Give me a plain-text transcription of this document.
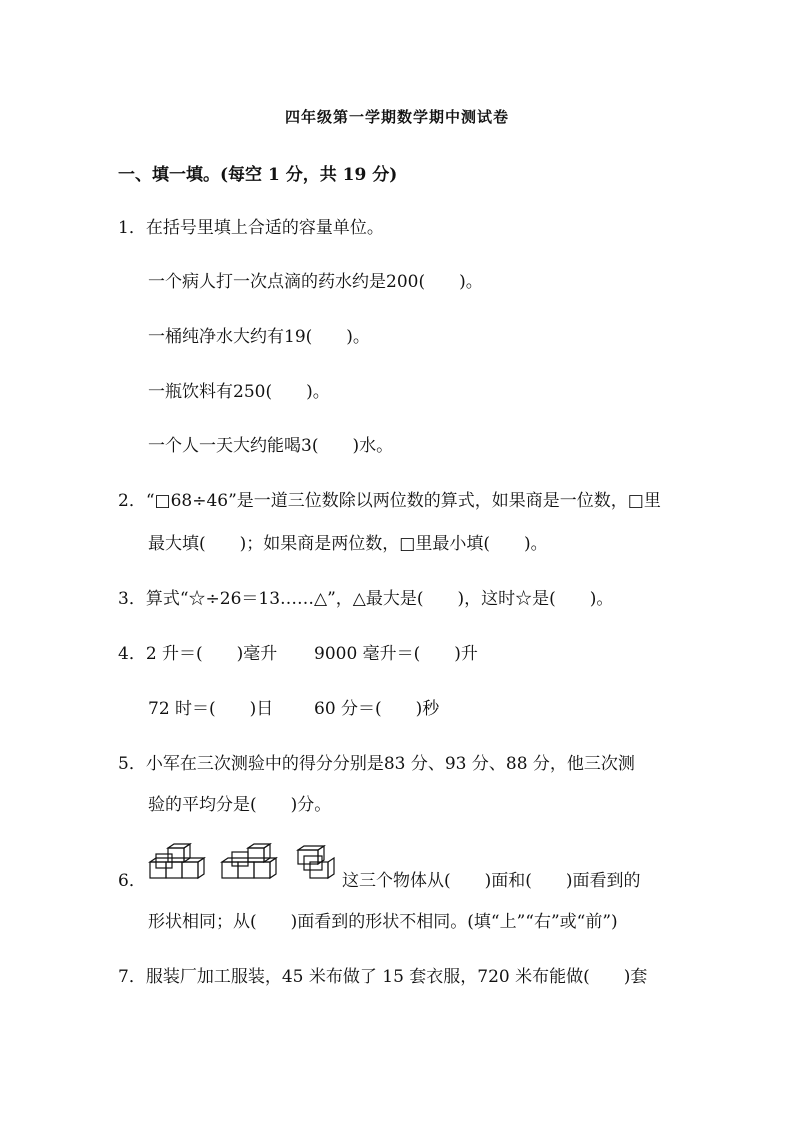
四年级第一学期数学期中测试卷
一、填一填。(每空 1 分，共 19 分)
1．在括号里填上合适的容量单位。
一个病人打一次点滴的药水约是200(　　)。
一桶纯净水大约有19(　　)。
一瓶饮料有250(　　)。
一个人一天大约能喝3(　　)水。
2．“□68÷46”是一道三位数除以两位数的算式，如果商是一位数，□里
最大填(　　)；如果商是两位数，□里最小填(　　)。
3．算式“☆÷26＝13……△”，△最大是(　　)，这时☆是(　　)。
4．2 升＝(　　)毫升 9000 毫升＝(　　)升
72 时＝(　　)日 60 分＝(　　)秒
5．小军在三次测验中的得分分别是83 分、93 分、88 分，他三次测
验的平均分是(　　)分。
6．	这三个物体从(　　)面和(　　)面看到的
形状相同；从(　　)面看到的形状不相同。(填“上”“右”或“前”)
7．服装厂加工服装，45 米布做了 15 套衣服，720 米布能做(　　)套
